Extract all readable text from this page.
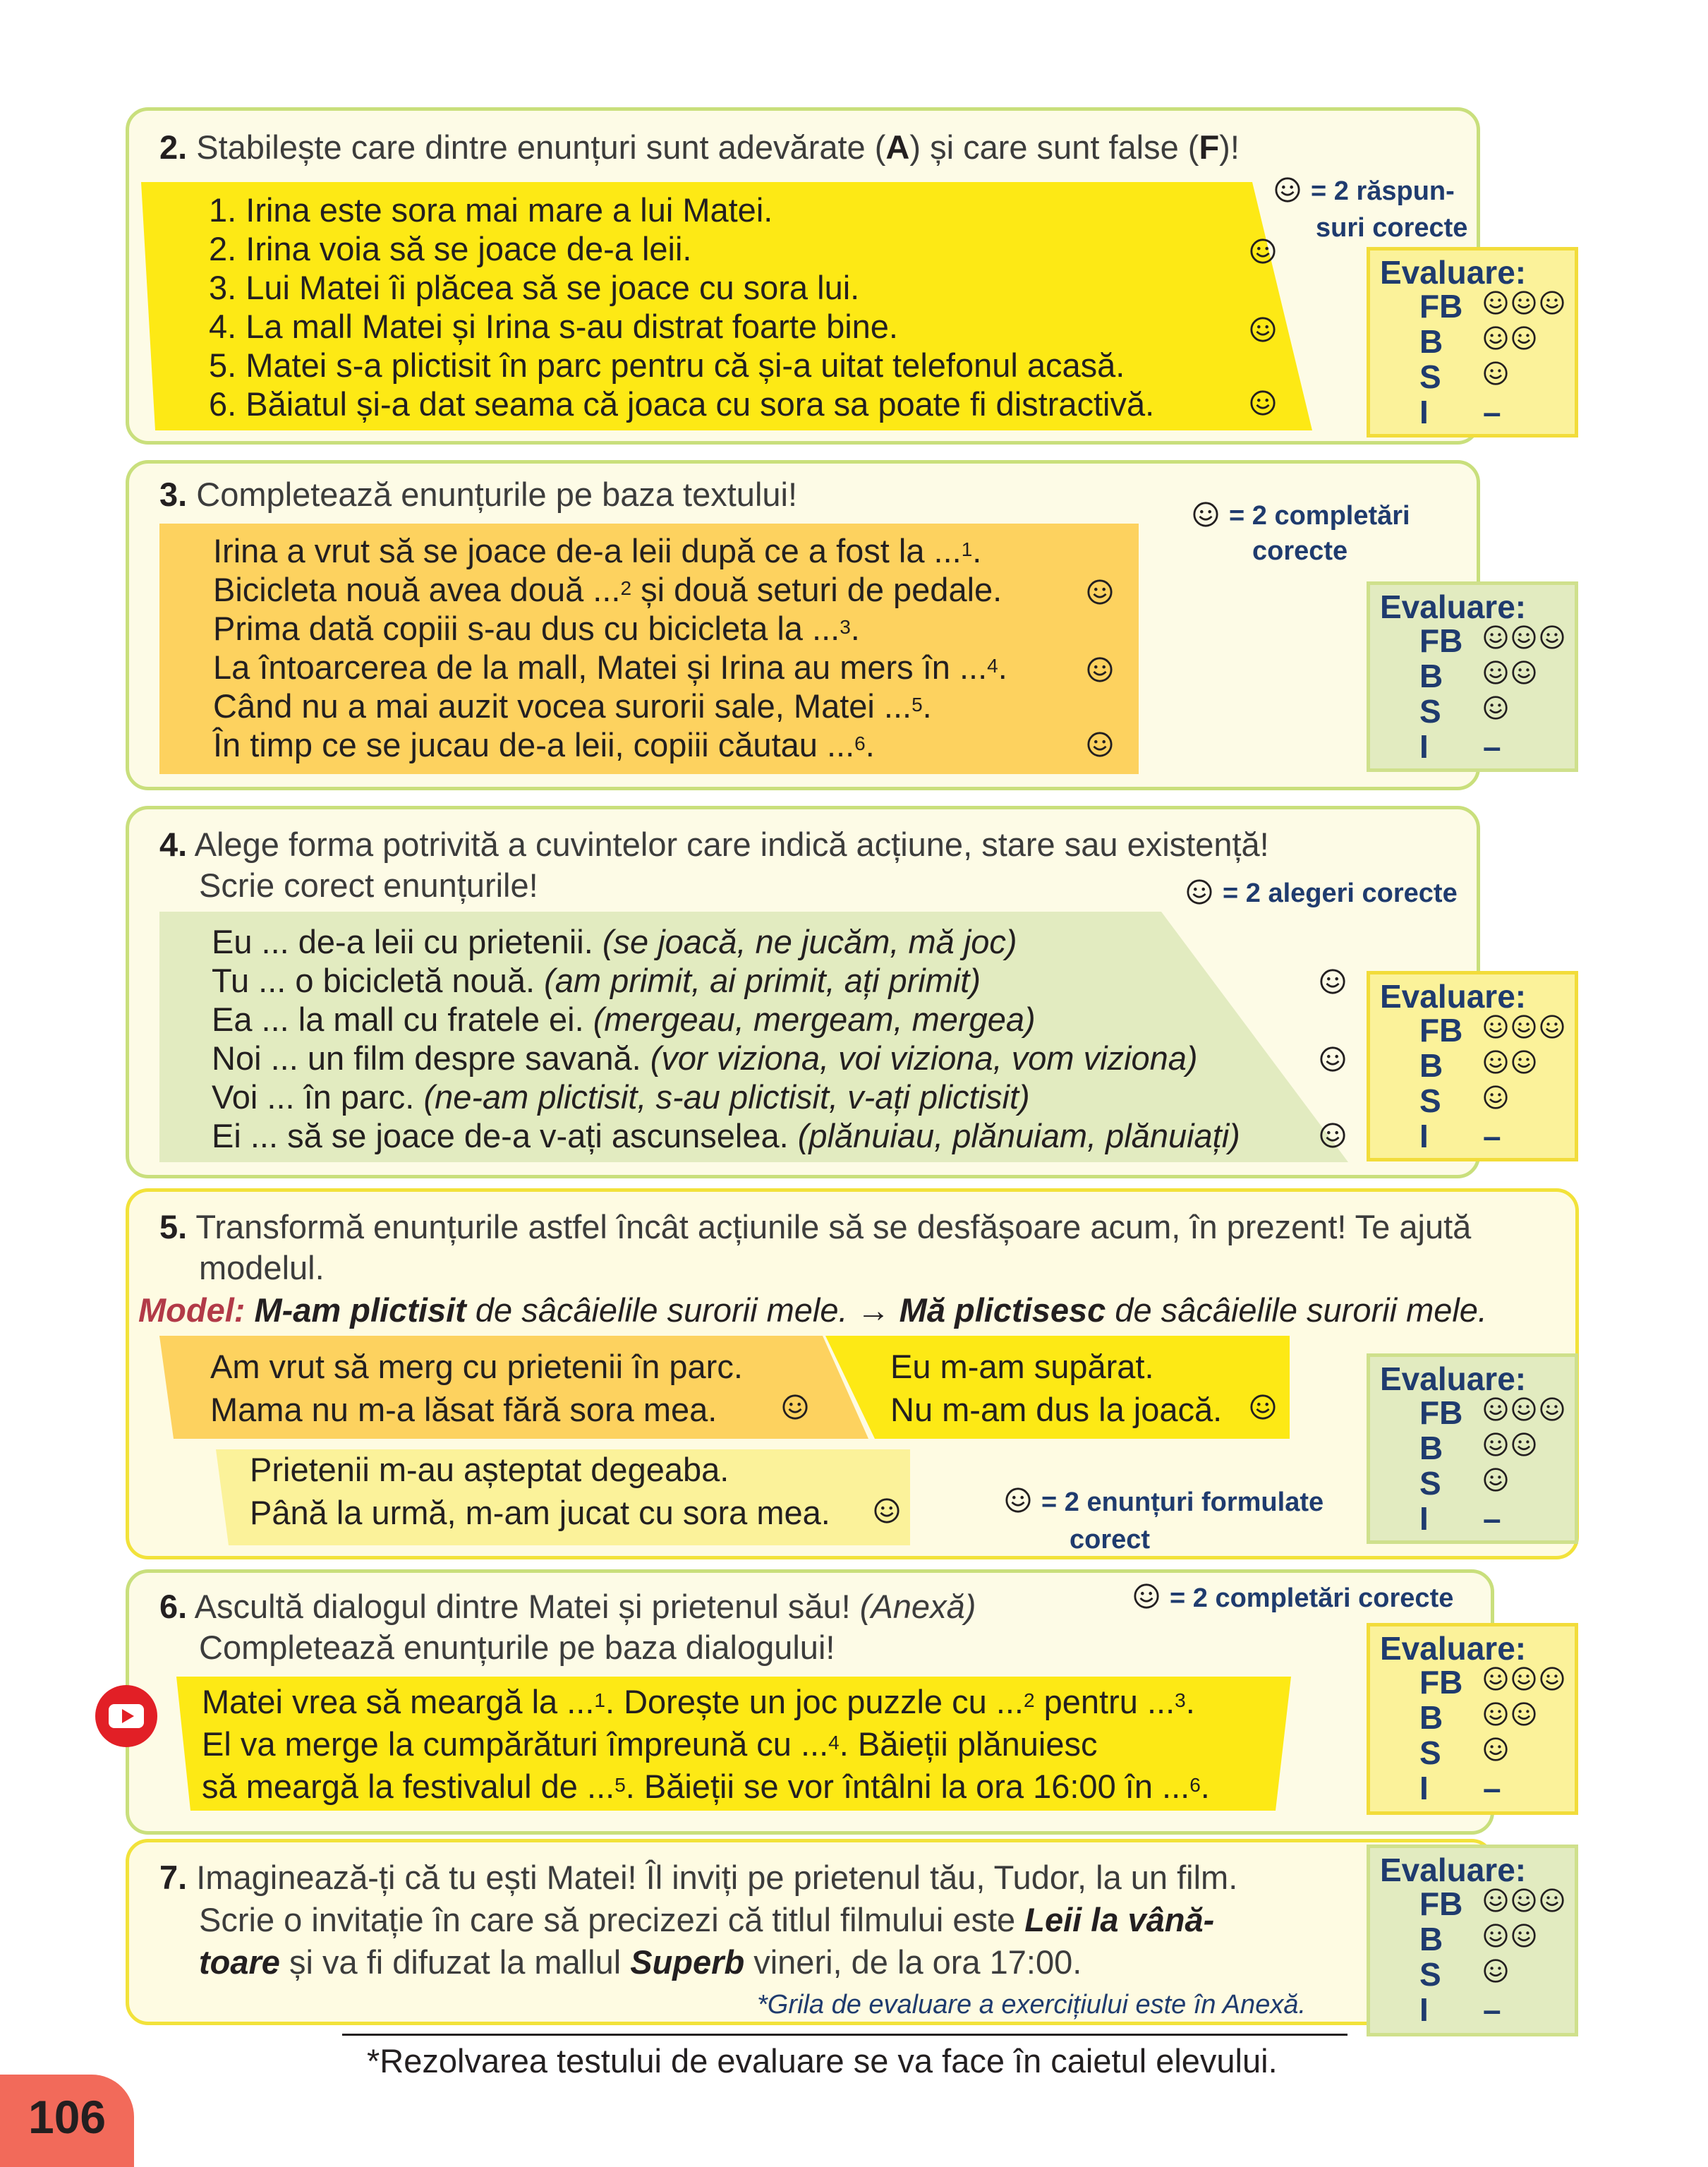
2. Stabilește care dintre enunțuri sunt adevărate (A) și care sunt false (F)!
1. Irina este sora mai mare a lui Matei.
2. Irina voia să se joace de-a leii.
3. Lui Matei îi plăcea să se joace cu sora lui.
4. La mall Matei și Irina s-au distrat foarte bine.
5. Matei s-a plictisit în parc pentru că și-a uitat telefonul acasă.
6. Băiatul și-a dat seama că joaca cu sora sa poate fi distractivă.
= 2 răspun-
suri corecte
Evaluare:
FB
B
S
I –
3. Completează enunțurile pe baza textului!
Irina a vrut să se joace de-a leii după ce a fost la ...$^1$.
Bicicleta nouă avea două ...$^2$ și două seturi de pedale.
Prima dată copiii s-au dus cu bicicleta la ...$^3$.
La întoarcerea de la mall, Matei și Irina au mers în ...$^4$.
Când nu a mai auzit vocea surorii sale, Matei ...$^5$.
În timp ce se jucau de-a leii, copiii căutau ...$^6$.
= 2 completări
corecte
Evaluare:
FB
B
S
I –
4. Alege forma potrivită a cuvintelor care indică acțiune, stare sau existență!
Scrie corect enunțurile!	= 2 alegeri corecte
Eu ... de-a leii cu prietenii. (se joacă, ne jucăm, mă joc)
Tu ... o bicicletă nouă. (am primit, ai primit, ați primit)
Ea ... la mall cu fratele ei. (mergeau, mergeam, mergea)
Noi ... un film despre savană. (vor viziona, voi viziona, vom viziona)
Voi ... în parc. (ne-am plictisit, s-au plictisit, v-ați plictisit)
Ei ... să se joace de-a v-ați ascunselea. (plănuiau, plănuiam, plănuiați)
Evaluare:
FB
B
S
I –
5. Transformă enunțurile astfel încât acțiunile să se desfășoare acum, în prezent! Te ajută
modelul.
Model: M-am plictisit de sâcâielile surorii mele. → Mă plictisesc de sâcâielile surorii mele.
Am vrut să merg cu prietenii în parc.
Mama nu m-a lăsat fără sora mea.
Eu m-am supărat.
Nu m-am dus la joacă.
Prietenii m-au așteptat degeaba.
Până la urmă, m-am jucat cu sora mea.	= 2 enunțuri formulate
corect
Evaluare:
FB
B
S
I –
6. Ascultă dialogul dintre Matei și prietenul său! (Anexă)
Completează enunțurile pe baza dialogului!
= 2 completări corecte
Matei vrea să meargă la ...$^1$. Dorește un joc puzzle cu ...$^2$ pentru ...$^3$.
El va merge la cumpărături împreună cu ...$^4$. Băieții plănuiesc
să meargă la festivalul de ...$^5$. Băieții se vor întâlni la ora 16:00 în ...$^6$.
Evaluare:
FB
B
S
I –
7. Imaginează-ți că tu ești Matei! Îl inviți pe prietenul tău, Tudor, la un film.
Scrie o invitație în care să precizezi că titlul filmului este Leii la vână-
toare și va fi difuzat la mallul Superb vineri, de la ora 17:00.
*Grila de evaluare a exercițiului este în Anexă.
Evaluare:
FB
B
S
I –
*Rezolvarea testului de evaluare se va face în caietul elevului.
106
